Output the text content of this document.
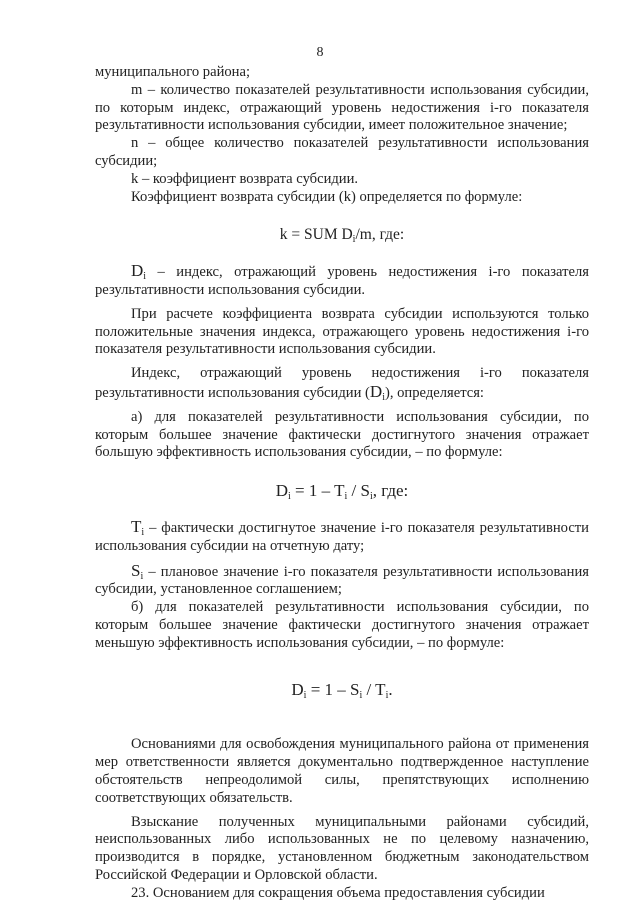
8

муниципального района;

m – количество показателей результативности использования субсидии, по которым индекс, отражающий уровень недостижения i-го показателя результативности использования субсидии, имеет положительное значение;

n – общее количество показателей результативности использования субсидии;

k – коэффициент возврата субсидии.

Коэффициент возврата субсидии (k) определяется по формуле:

k = SUM $D_i/m$, где:

$D_i$ – индекс, отражающий уровень недостижения i-го показателя результативности использования субсидии.

При расчете коэффициента возврата субсидии используются только положительные значения индекса, отражающего уровень недостижения i-го показателя результативности использования субсидии.

Индекс, отражающий уровень недостижения i-го показателя результативности использования субсидии $(D_i)$, определяется:

а) для показателей результативности использования субсидии, по которым большее значение фактически достигнутого значения отражает большую эффективность использования субсидии, – по формуле:

$D_i = 1 - T_i / S_i$, где:

$T_i$ – фактически достигнутое значение i-го показателя результативности использования субсидии на отчетную дату;

$S_i$ – плановое значение i-го показателя результативности использования субсидии, установленное соглашением;

б) для показателей результативности использования субсидии, по которым большее значение фактически достигнутого значения отражает меньшую эффективность использования субсидии, – по формуле:

$D_i = 1 - S_i / T_i$.

Основаниями для освобождения муниципального района от применения мер ответственности является документально подтвержденное наступление обстоятельств непреодолимой силы, препятствующих исполнению соответствующих обязательств.

Взыскание полученных муниципальными районами субсидий, неиспользованных либо использованных не по целевому назначению, производится в порядке, установленном бюджетным законодательством Российской Федерации и Орловской области.

23. Основанием для сокращения объема предоставления субсидии
